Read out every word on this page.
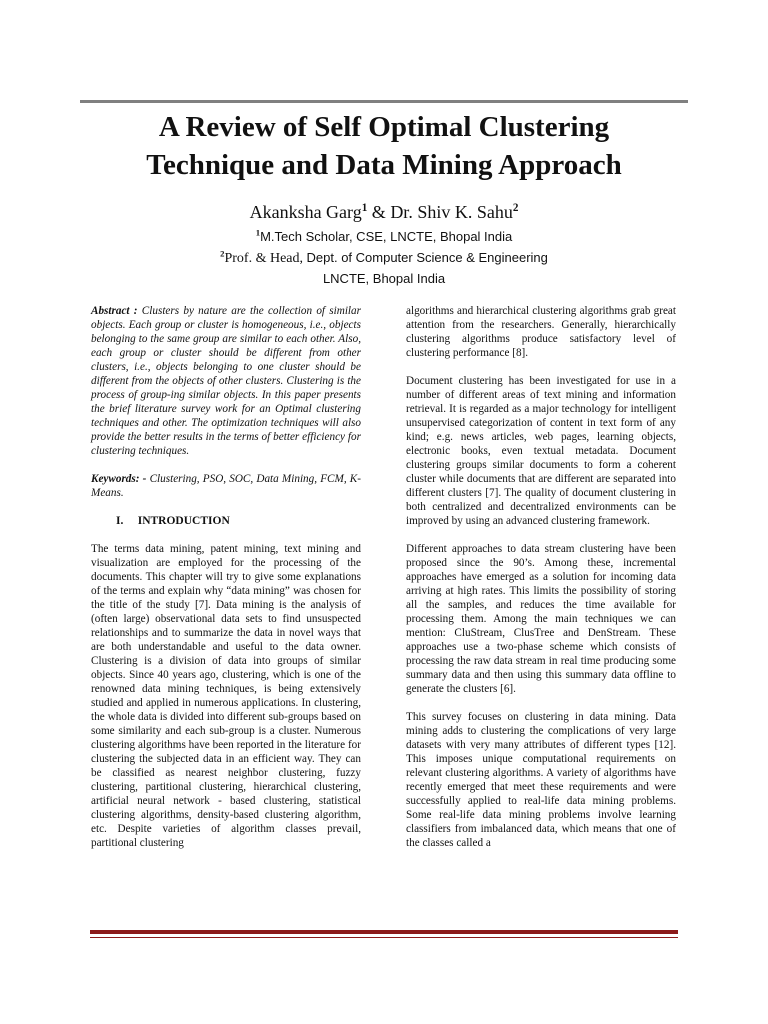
A Review of Self Optimal Clustering
Technique and Data Mining Approach
Akanksha Garg$^1$ & Dr. Shiv K. Sahu$^2$
$^1$M.Tech Scholar, CSE, LNCTE, Bhopal India
$^2$Prof. & Head, Dept. of Computer Science & Engineering
LNCTE, Bhopal India

Abstract : Clusters by nature are the collection of similar objects. Each group or cluster is homogeneous, i.e., objects belonging to the same group are similar to each other. Also, each group or cluster should be different from other clusters, i.e., objects belonging to one cluster should be different from the objects of other clusters. Clustering is the process of group-ing similar objects. In this paper presents the brief literature survey work for an Optimal clustering techniques and other. The optimization techniques will also provide the better results in the terms of better efficiency for clustering techniques.

Keywords: - Clustering, PSO, SOC, Data Mining, FCM, K-Means.

I. INTRODUCTION

The terms data mining, patent mining, text mining and visualization are employed for the processing of the documents. This chapter will try to give some explanations of the terms and explain why “data mining” was chosen for the title of the study [7]. Data mining is the analysis of (often large) observational data sets to find unsuspected relationships and to summarize the data in novel ways that are both understandable and useful to the data owner. Clustering is a division of data into groups of similar objects. Since 40 years ago, clustering, which is one of the renowned data mining techniques, is being extensively studied and applied in numerous applications. In clustering, the whole data is divided into different sub-groups based on some similarity and each sub-group is a cluster. Numerous clustering algorithms have been reported in the literature for clustering the subjected data in an efficient way. They can be classified as nearest neighbor clustering, fuzzy clustering, partitional clustering, hierarchical clustering, artificial neural network - based clustering, statistical clustering algorithms, density-based clustering algorithm, etc. Despite varieties of algorithm classes prevail, partitional clustering

algorithms and hierarchical clustering algorithms grab great attention from the researchers. Generally, hierarchically clustering algorithms produce satisfactory level of clustering performance [8].

Document clustering has been investigated for use in a number of different areas of text mining and information retrieval. It is regarded as a major technology for intelligent unsupervised categorization of content in text form of any kind; e.g. news articles, web pages, learning objects, electronic books, even textual metadata. Document clustering groups similar documents to form a coherent cluster while documents that are different are separated into different clusters [7]. The quality of document clustering in both centralized and decentralized environments can be improved by using an advanced clustering framework.

Different approaches to data stream clustering have been proposed since the 90’s. Among these, incremental approaches have emerged as a solution for incoming data arriving at high rates. This limits the possibility of storing all the samples, and reduces the time available for processing them. Among the main techniques we can mention: CluStream, ClusTree and DenStream. These approaches use a two-phase scheme which consists of processing the raw data stream in real time producing some summary data and then using this summary data offline to generate the clusters [6].

This survey focuses on clustering in data mining. Data mining adds to clustering the complications of very large datasets with very many attributes of different types [12]. This imposes unique computational requirements on relevant clustering algorithms. A variety of algorithms have recently emerged that meet these requirements and were successfully applied to real-life data mining problems. Some real-life data mining problems involve learning classifiers from imbalanced data, which means that one of the classes called a
